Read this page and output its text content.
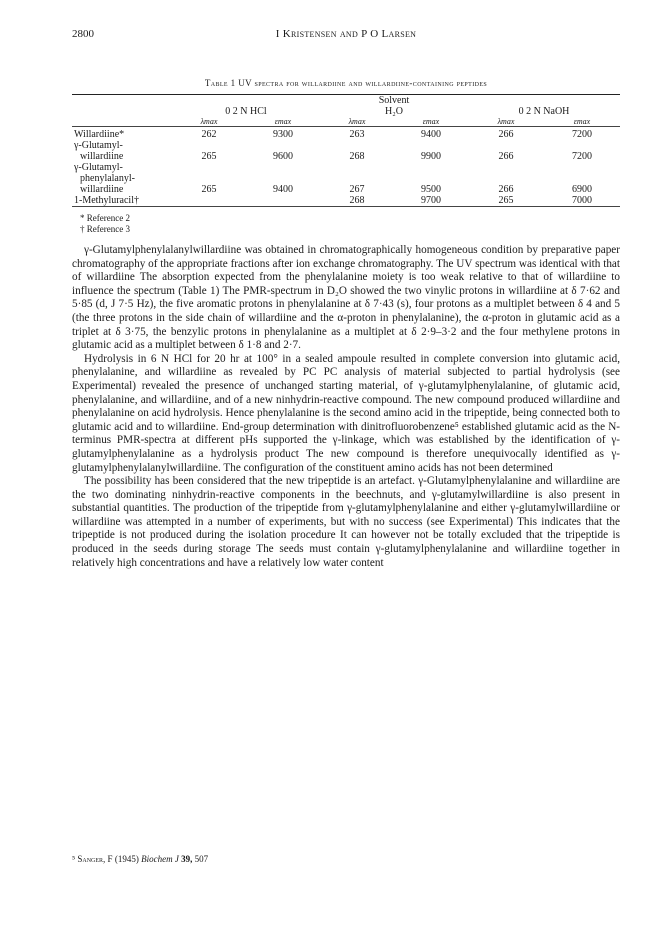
2800	I Kristensen and P O Larsen
Table 1 UV spectra for willardiine and willardiine-containing peptides

			Solvent			
	0 2 N HCl		H₂O		0 2 N NaOH	
	λmax	εmax	λmax	εmax	λmax	εmax

Willardiine*	262	9300	263	9400	266	7200
γ-Glutamyl-						
willardiine	265	9600	268	9900	266	7200
γ-Glutamyl-						
phenylalanyl-						
willardiine	265	9400	267	9500	266	6900
1-Methyluracil†			268	9700	265	7000

* Reference 2
† Reference 3

γ-Glutamylphenylalanylwillardiine was obtained in chromatographically homogeneous condition by preparative paper chromatography of the appropriate fractions after ion exchange chromatography. The UV spectrum was identical with that of willardiine The absorption expected from the phenylalanine moiety is too weak relative to that of willardiine to influence the spectrum (Table 1) The PMR-spectrum in D₂O showed the two vinylic protons in willardiine at δ 7·62 and 5·85 (d, J 7·5 Hz), the five aromatic protons in phenylalanine at δ 7·43 (s), four protons as a multiplet between δ 4 and 5 (the three protons in the side chain of willardiine and the α-proton in phenylalanine), the α-proton in glutamic acid as a triplet at δ 3·75, the benzylic protons in phenylalanine as a multiplet at δ 2·9–3·2 and the four methylene protons in glutamic acid as a multiplet between δ 1·8 and 2·7.

Hydrolysis in 6 N HCl for 20 hr at 100° in a sealed ampoule resulted in complete conversion into glutamic acid, phenylalanine, and willardiine as revealed by PC PC analysis of material subjected to partial hydrolysis (see Experimental) revealed the presence of unchanged starting material, of γ-glutamylphenylalanine, of glutamic acid, phenylalanine, and willardiine, and of a new ninhydrin-reactive compound. The new compound produced willardiine and phenylalanine on acid hydrolysis. Hence phenylalanine is the second amino acid in the tripeptide, being connected both to glutamic acid and to willardiine. End-group determination with dinitrofluorobenzene⁵ established glutamic acid as the N-terminus PMR-spectra at different pHs supported the γ-linkage, which was established by the identification of γ-glutamylphenylalanine as a hydrolysis product The new compound is therefore unequivocally identified as γ-glutamylphenylalanylwillardiine. The configuration of the constituent amino acids has not been determined

The possibility has been considered that the new tripeptide is an artefact. γ-Glutamylphenylalanine and willardiine are the two dominating ninhydrin-reactive components in the beechnuts, and γ-glutamylwillardiine is also present in substantial quantities. The production of the tripeptide from γ-glutamylphenylalanine and either γ-glutamylwillardiine or willardiine was attempted in a number of experiments, but with no success (see Experimental) This indicates that the tripeptide is not produced during the isolation procedure It can however not be totally excluded that the tripeptide is produced in the seeds during storage The seeds must contain γ-glutamylphenylalanine and willardiine together in relatively high concentrations and have a relatively low water content

⁵ Sanger, F (1945) Biochem J 39, 507
